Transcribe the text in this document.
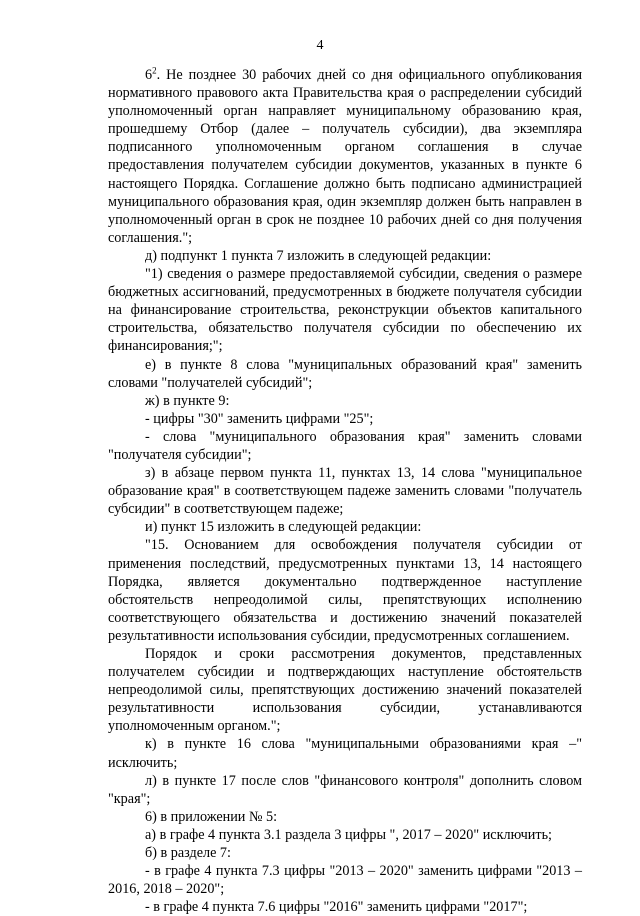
4

$6^2$. Не позднее 30 рабочих дней со дня официального опубликования нормативного правового акта Правительства края о распределении субсидий уполномоченный орган направляет муниципальному образованию края, прошедшему Отбор (далее – получатель субсидии), два экземпляра подписанного уполномоченным органом соглашения в случае предоставления получателем субсидии документов, указанных в пункте 6 настоящего Порядка. Соглашение должно быть подписано администрацией муниципального образования края, один экземпляр должен быть направлен в уполномоченный орган в срок не позднее 10 рабочих дней со дня получения соглашения.";

д) подпункт 1 пункта 7 изложить в следующей редакции:

"1) сведения о размере предоставляемой субсидии, сведения о размере бюджетных ассигнований, предусмотренных в бюджете получателя субсидии на финансирование строительства, реконструкции объектов капитального строительства, обязательство получателя субсидии по обеспечению их финансирования;";

е) в пункте 8 слова "муниципальных образований края" заменить словами "получателей субсидий";

ж) в пункте 9:

- цифры "30" заменить цифрами "25";

- слова "муниципального образования края" заменить словами "получателя субсидии";

з) в абзаце первом пункта 11, пунктах 13, 14 слова "муниципальное образование края" в соответствующем падеже заменить словами "получатель субсидии" в соответствующем падеже;

и) пункт 15 изложить в следующей редакции:

"15. Основанием для освобождения получателя субсидии от применения последствий, предусмотренных пунктами 13, 14 настоящего Порядка, является документально подтвержденное наступление обстоятельств непреодолимой силы, препятствующих исполнению соответствующего обязательства и достижению значений показателей результативности использования субсидии, предусмотренных соглашением.

Порядок и сроки рассмотрения документов, представленных получателем субсидии и подтверждающих наступление обстоятельств непреодолимой силы, препятствующих достижению значений показателей результативности использования субсидии, устанавливаются уполномоченным органом.";

к) в пункте 16 слова "муниципальными образованиями края –" исключить;

л) в пункте 17 после слов "финансового контроля" дополнить словом "края";

6) в приложении № 5:

а) в графе 4 пункта 3.1 раздела 3 цифры ", 2017 – 2020" исключить;

б) в разделе 7:

- в графе 4 пункта 7.3 цифры "2013 – 2020" заменить цифрами "2013 – 2016, 2018 – 2020";

- в графе 4 пункта 7.6 цифры "2016" заменить цифрами "2017";
